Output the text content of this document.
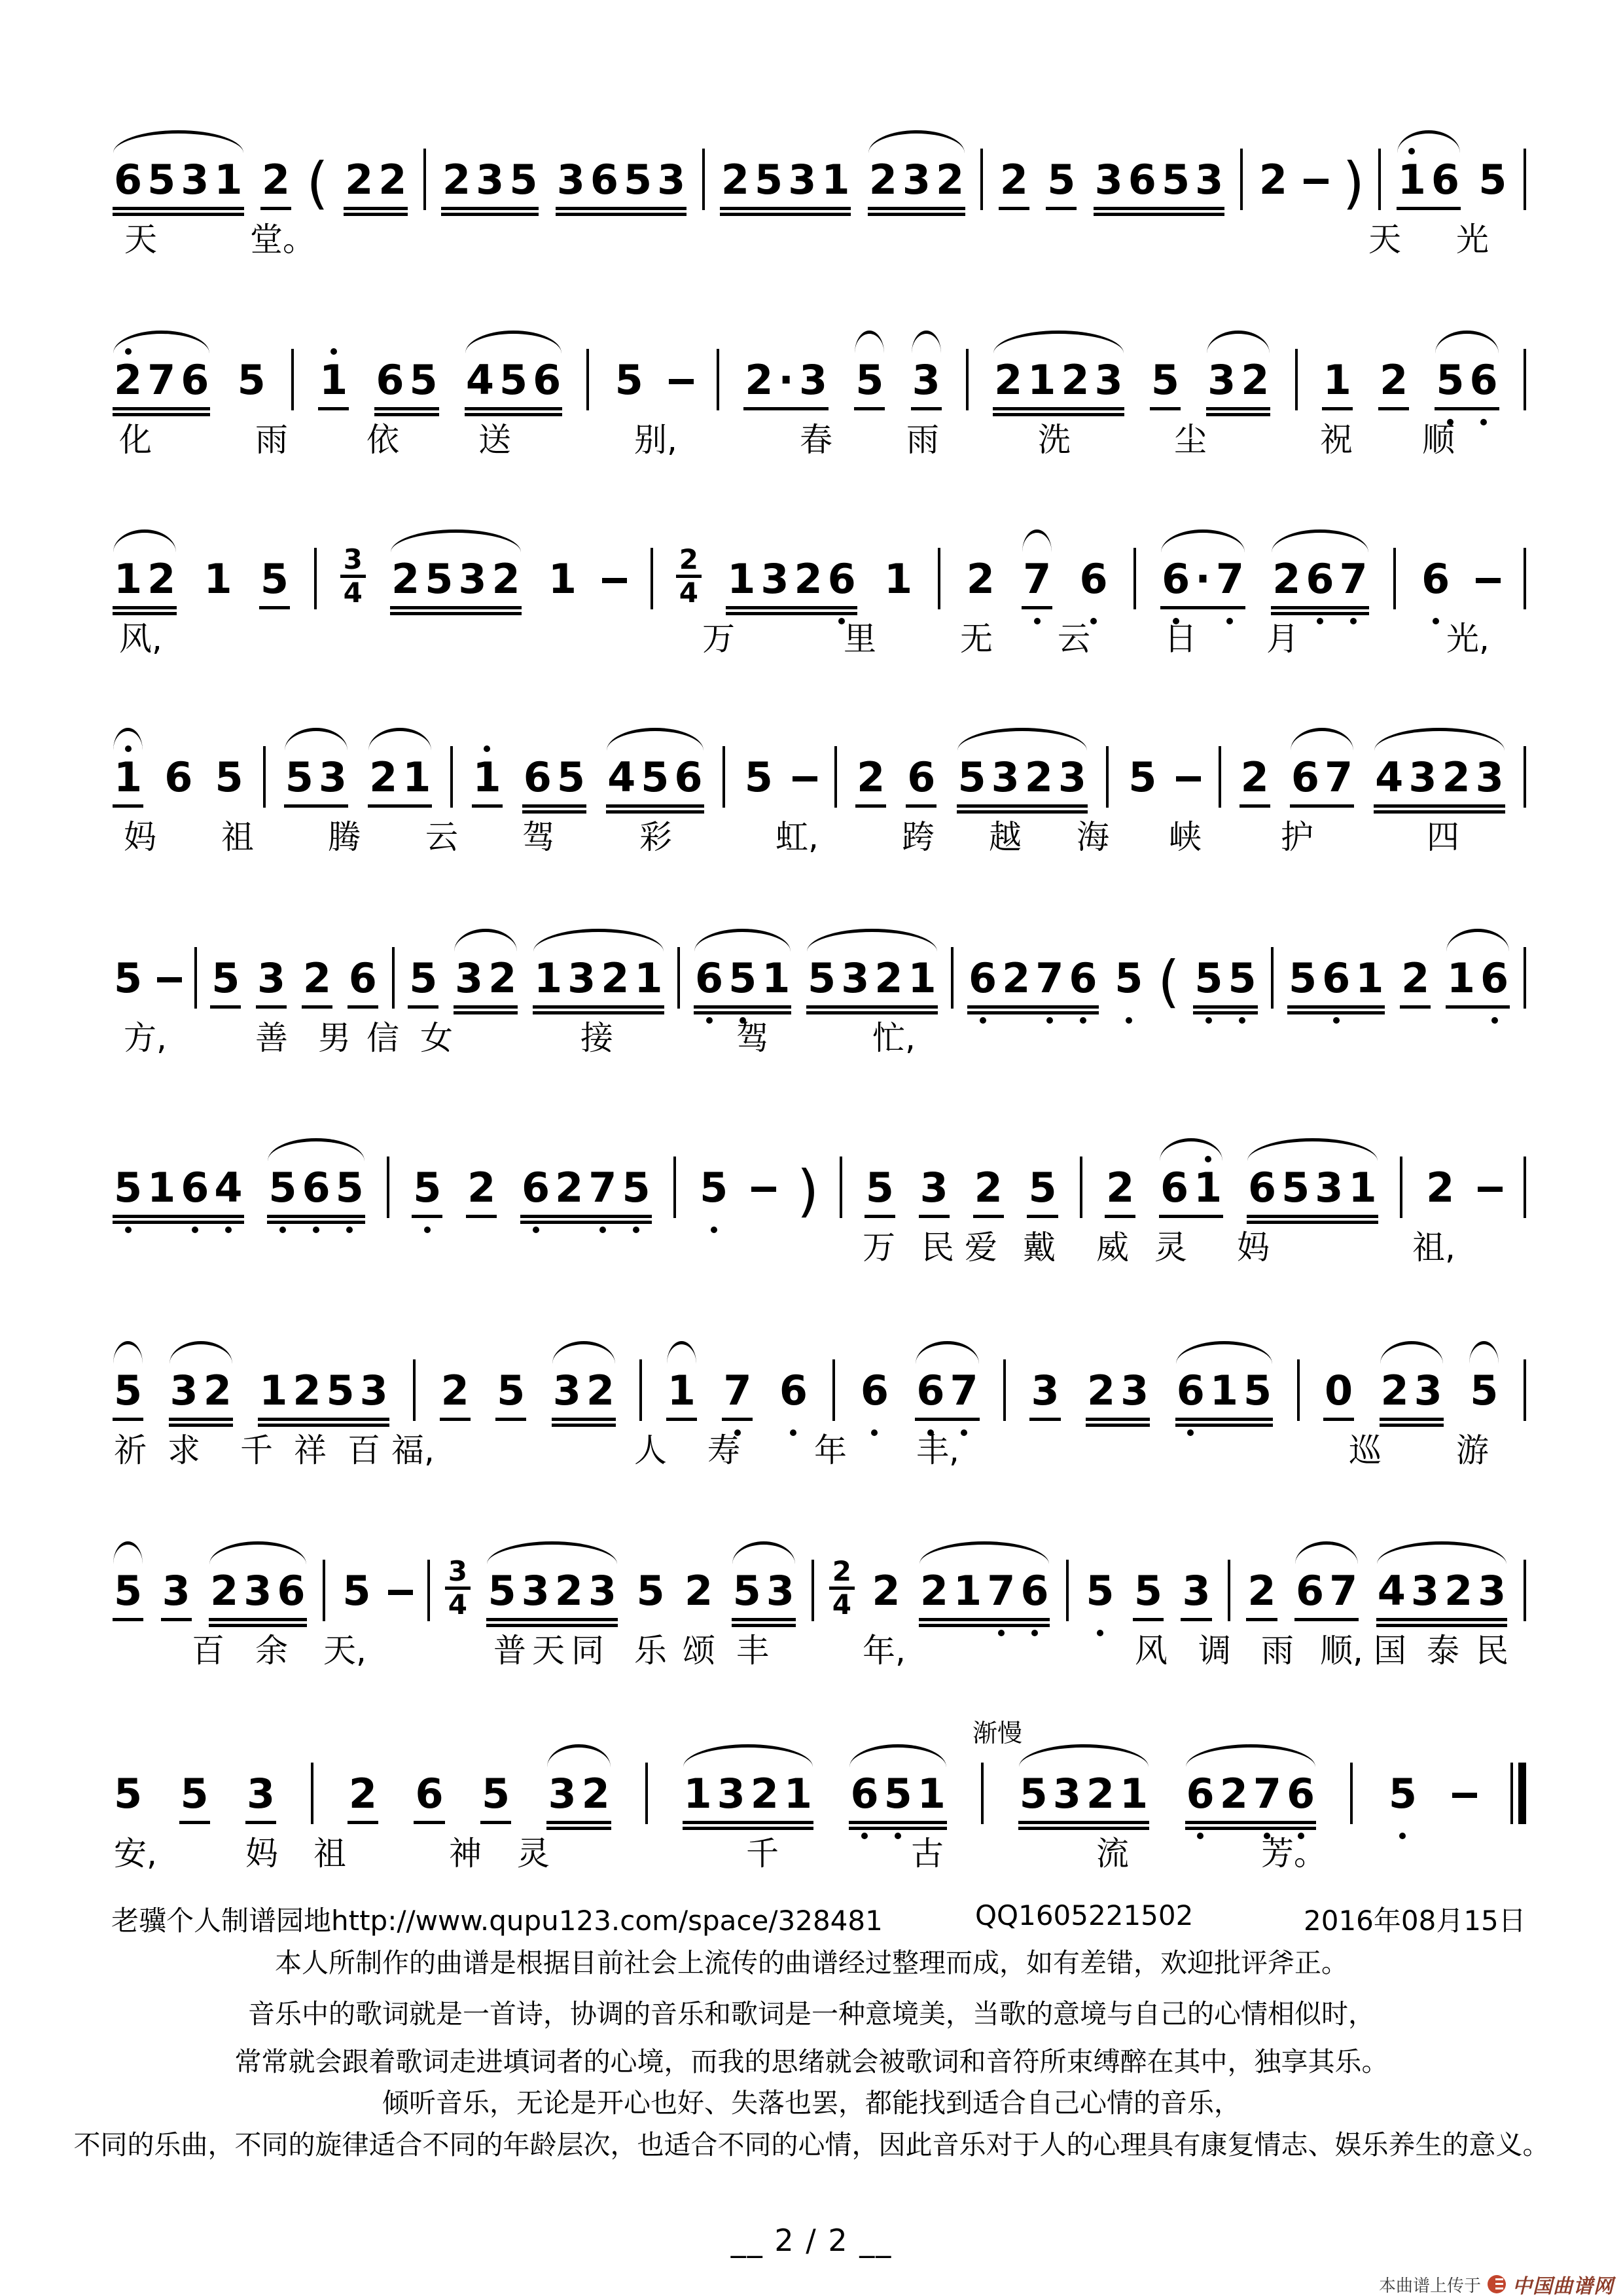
6 5 3 1 2 ( 2 2 2 3 5 3 6 5 3 2 5 3 1 2 3 2 2 5 3 6 5 3 2 ) 1 6 5
天	堂。	天 光
2 7 6 5 1 6 5 4 5 6 5	2 · 3 5 3 2 1 2 3 5 3 2 1 2 5 6
化	雨 依 送	别,	春 雨	洗	尘	祝 顺
1 2 1 5 3
4 2 5 3 2 1	2
4 1 3 2 6 1 2 7 6 6 · 7 2 6 7 6
风,	万	里	无 云 日 月	光,
1 6 5 5 3 2 1 1 6 5 4 5 6 5 2 6 5 3 2 3 5 2 6 7 4 3 2 3
妈 祖 腾 云 驾	彩	虹,	跨 越 海 峡 护	四
5 5 3 2 6 5 3 2 1 3 2 1 6 5 1 5 3 2 1 6 2 7 6 5 ( 5 5 5 6 1 2 1 6
方,	善 男 信 女	接	驾	忙,
5 1 6 4 5 6 5 5 2 6 2 7 5 5 ) 5 3 2 5 2 6 1 6 5 3 1 2
万 民 爱 戴 威 灵 妈	祖,
5 3 2 1 2 5 3 2 5 3 2 1 7 6 6 6 7 3 2 3 6 1 5 0 2 3 5
祈 求 千 祥 百 福,	人 寿 年 丰,	巡 游
5 3 2 3 6 5	3
4 5 3 2 3 5 2 5 3 2
4 2 2 1 7 6 5 5 3 2 6 7 4 3 2 3
百 余 天,	普 天 同 乐 颂 丰	年,	风 调 雨 顺, 国 泰 民
5 5 3 2 6 5 3 2 1 3 2 1 6 5 1 5 3 2 1 6 2 7 6 5
安,	妈 祖	神 灵	千	古	流	芳。
渐慢
老骥个人制谱园地http://www.qupu123.com/space/328481	QQ1605221502	2016年08月15日
本人所制作的曲谱是根据目前社会上流传的曲谱经过整理而成，如有差错，欢迎批评斧正。
音乐中的歌词就是一首诗，协调的音乐和歌词是一种意境美，当歌的意境与自己的心情相似时，
常常就会跟着歌词走进填词者的心境，而我的思绪就会被歌词和音符所束缚醉在其中，独享其乐。
倾听音乐，无论是开心也好、失落也罢，都能找到适合自己心情的音乐，
不同的乐曲，不同的旋律适合不同的年龄层次，也适合不同的心情，因此音乐对于人的心理具有康复情志、娱乐养生的意义。
__ 2 / 2 __
本曲谱上传于 中国曲谱网
